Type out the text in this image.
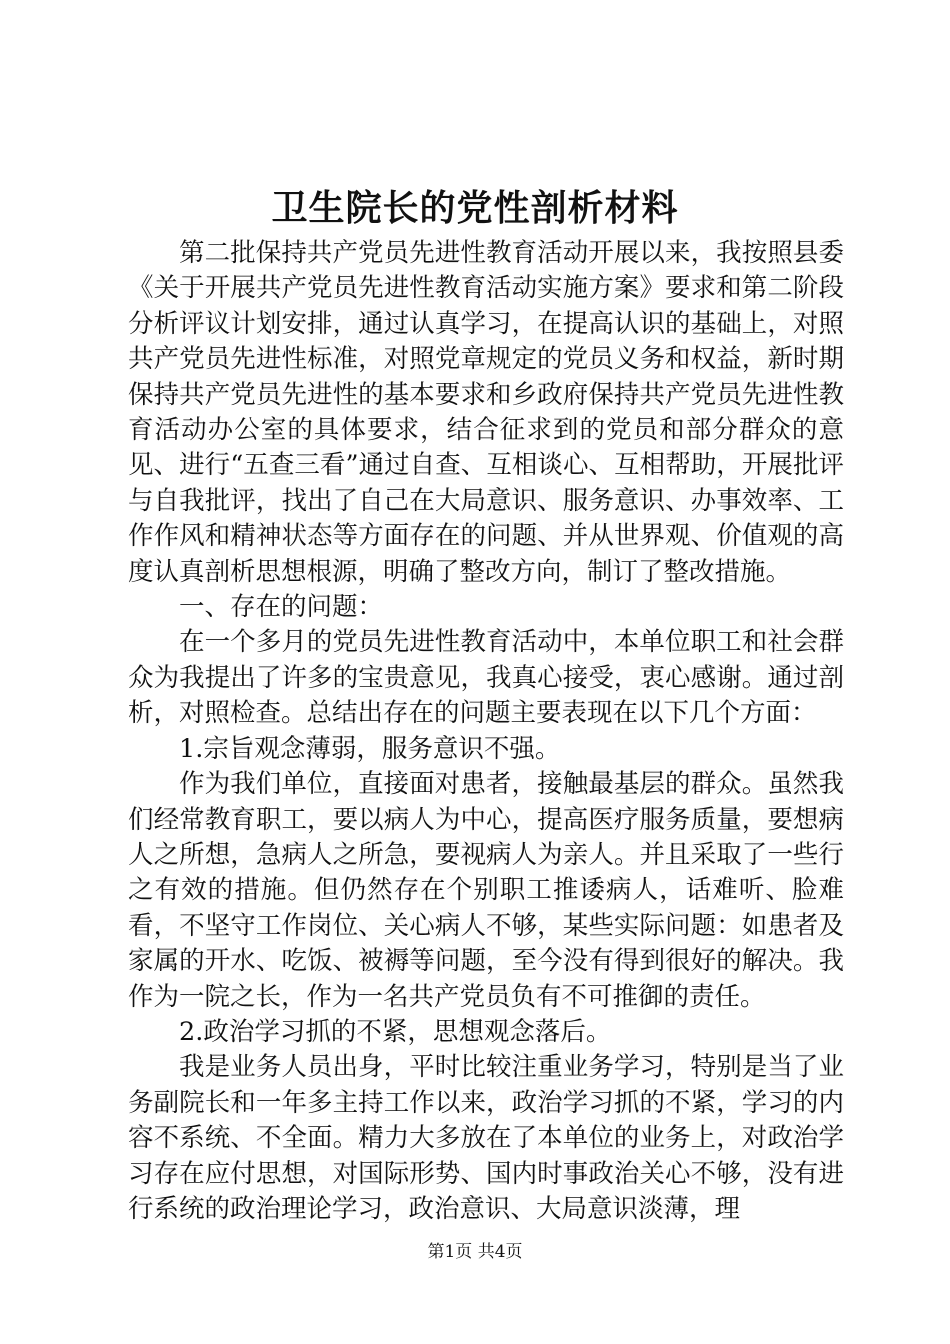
卫生院长的党性剖析材料

第二批保持共产党员先进性教育活动开展以来，我按照县委《关于开展共产党员先进性教育活动实施方案》要求和第二阶段分析评议计划安排，通过认真学习，在提高认识的基础上，对照共产党员先进性标准，对照党章规定的党员义务和权益，新时期保持共产党员先进性的基本要求和乡政府保持共产党员先进性教育活动办公室的具体要求，结合征求到的党员和部分群众的意见、进行“五查三看”通过自查、互相谈心、互相帮助，开展批评与自我批评，找出了自己在大局意识、服务意识、办事效率、工作作风和精神状态等方面存在的问题、并从世界观、价值观的高度认真剖析思想根源，明确了整改方向，制订了整改措施。

一、存在的问题：

在一个多月的党员先进性教育活动中，本单位职工和社会群众为我提出了许多的宝贵意见，我真心接受，衷心感谢。通过剖析，对照检查。总结出存在的问题主要表现在以下几个方面：

1.宗旨观念薄弱，服务意识不强。

作为我们单位，直接面对患者，接触最基层的群众。虽然我们经常教育职工，要以病人为中心，提高医疗服务质量，要想病人之所想，急病人之所急，要视病人为亲人。并且采取了一些行之有效的措施。但仍然存在个别职工推诿病人，话难听、脸难看，不坚守工作岗位、关心病人不够，某些实际问题：如患者及家属的开水、吃饭、被褥等问题，至今没有得到很好的解决。我作为一院之长，作为一名共产党员负有不可推御的责任。

2.政治学习抓的不紧，思想观念落后。

我是业务人员出身，平时比较注重业务学习，特别是当了业务副院长和一年多主持工作以来，政治学习抓的不紧，学习的内容不系统、不全面。精力大多放在了本单位的业务上，对政治学习存在应付思想，对国际形势、国内时事政治关心不够，没有进行系统的政治理论学习，政治意识、大局意识淡薄，理

第1页 共4页
